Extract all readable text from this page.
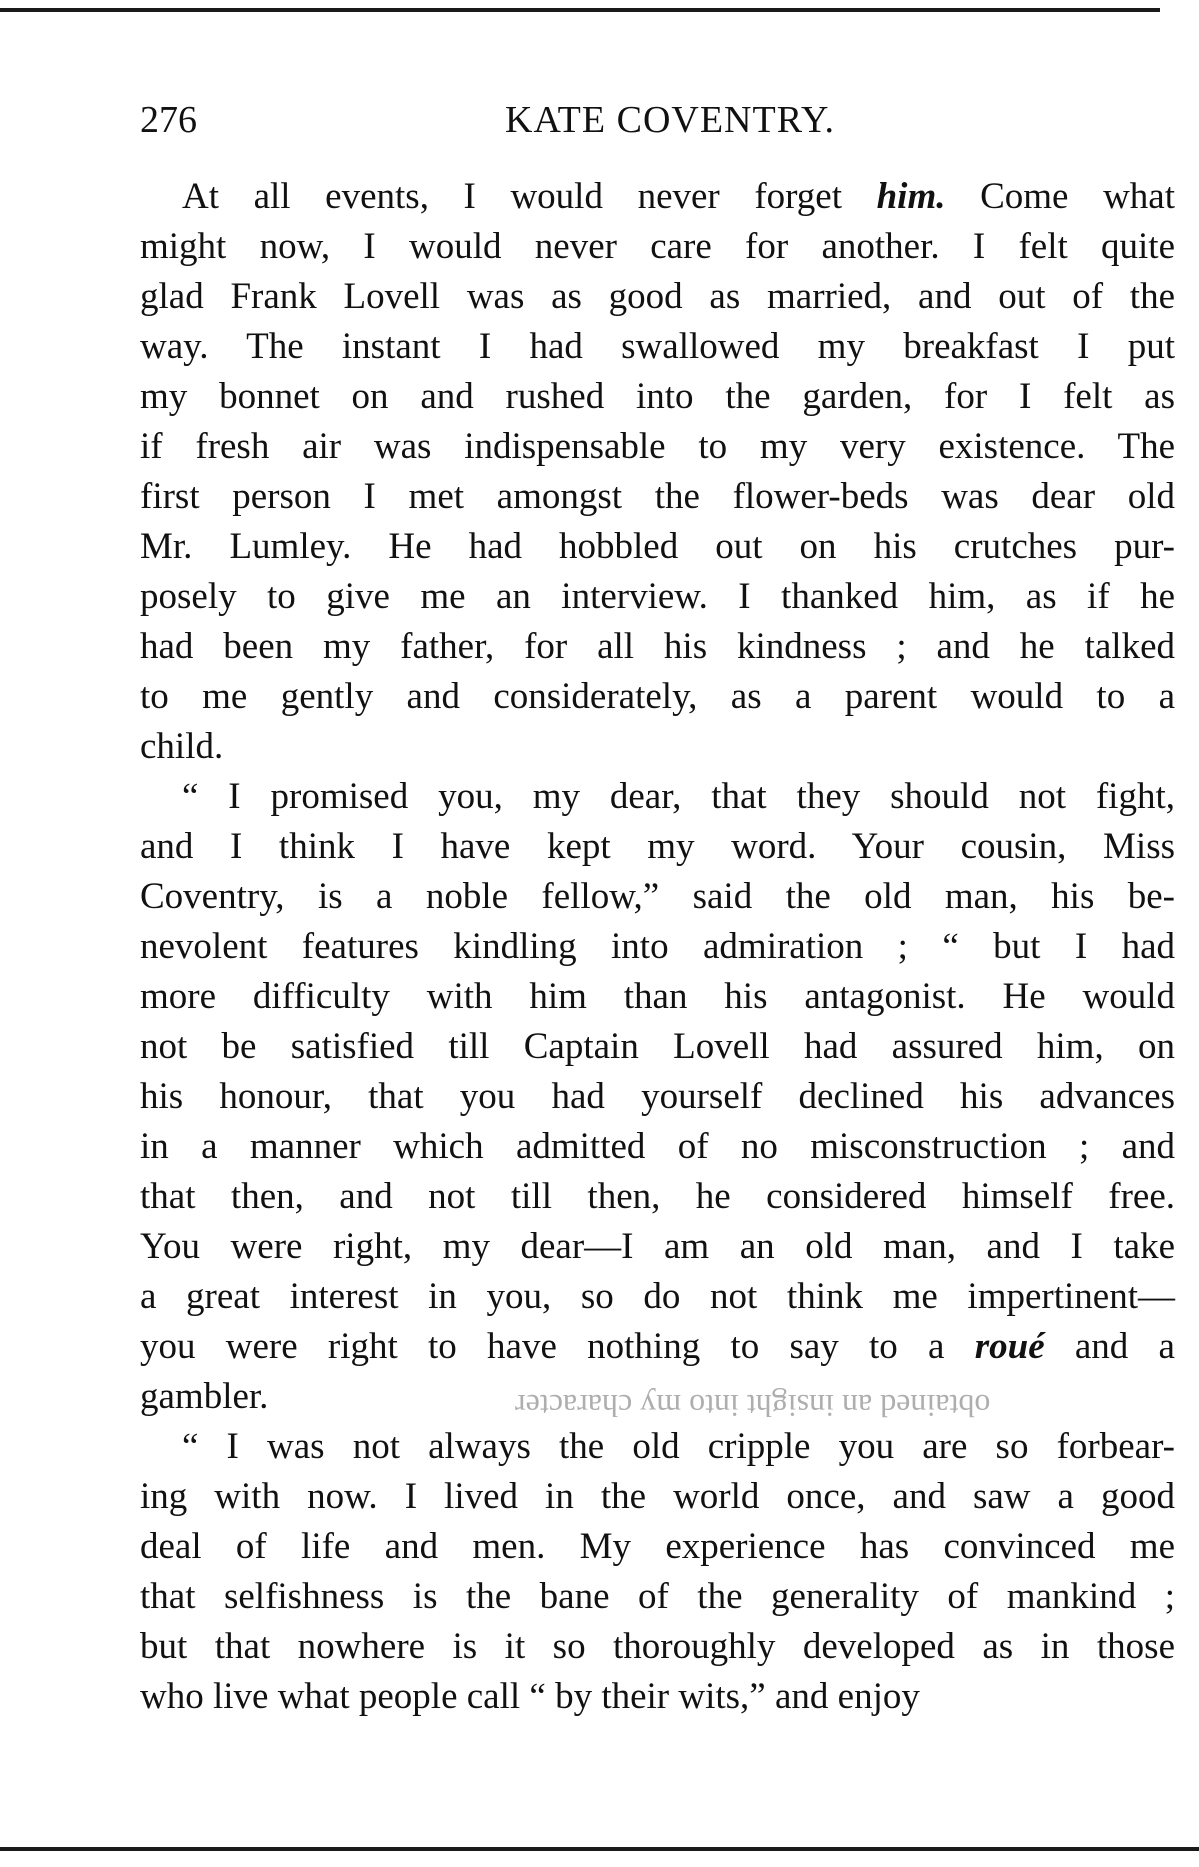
276	KATE COVENTRY.
At all events, I would never forget him. Come what
might now, I would never care for another. I felt quite
glad Frank Lovell was as good as married, and out of the
way. The instant I had swallowed my breakfast I put
my bonnet on and rushed into the garden, for I felt as
if fresh air was indispensable to my very existence. The
first person I met amongst the flower-beds was dear old
Mr. Lumley. He had hobbled out on his crutches pur-
posely to give me an interview. I thanked him, as if he
had been my father, for all his kindness ; and he talked
to me gently and considerately, as a parent would to a
child.
“ I promised you, my dear, that they should not fight,
and I think I have kept my word. Your cousin, Miss
Coventry, is a noble fellow,” said the old man, his be-
nevolent features kindling into admiration ; “ but I had
more difficulty with him than his antagonist. He would
not be satisfied till Captain Lovell had assured him, on
his honour, that you had yourself declined his advances
in a manner which admitted of no misconstruction ; and
that then, and not till then, he considered himself free.
You were right, my dear—I am an old man, and I take
a great interest in you, so do not think me impertinent—
you were right to have nothing to say to a roué and a
gambler.
“ I was not always the old cripple you are so forbear-
ing with now. I lived in the world once, and saw a good
deal of life and men. My experience has convinced me
that selfishness is the bane of the generality of mankind ;
but that nowhere is it so thoroughly developed as in those
who live what people call “ by their wits,” and enjoy
obtained an insight into my character
